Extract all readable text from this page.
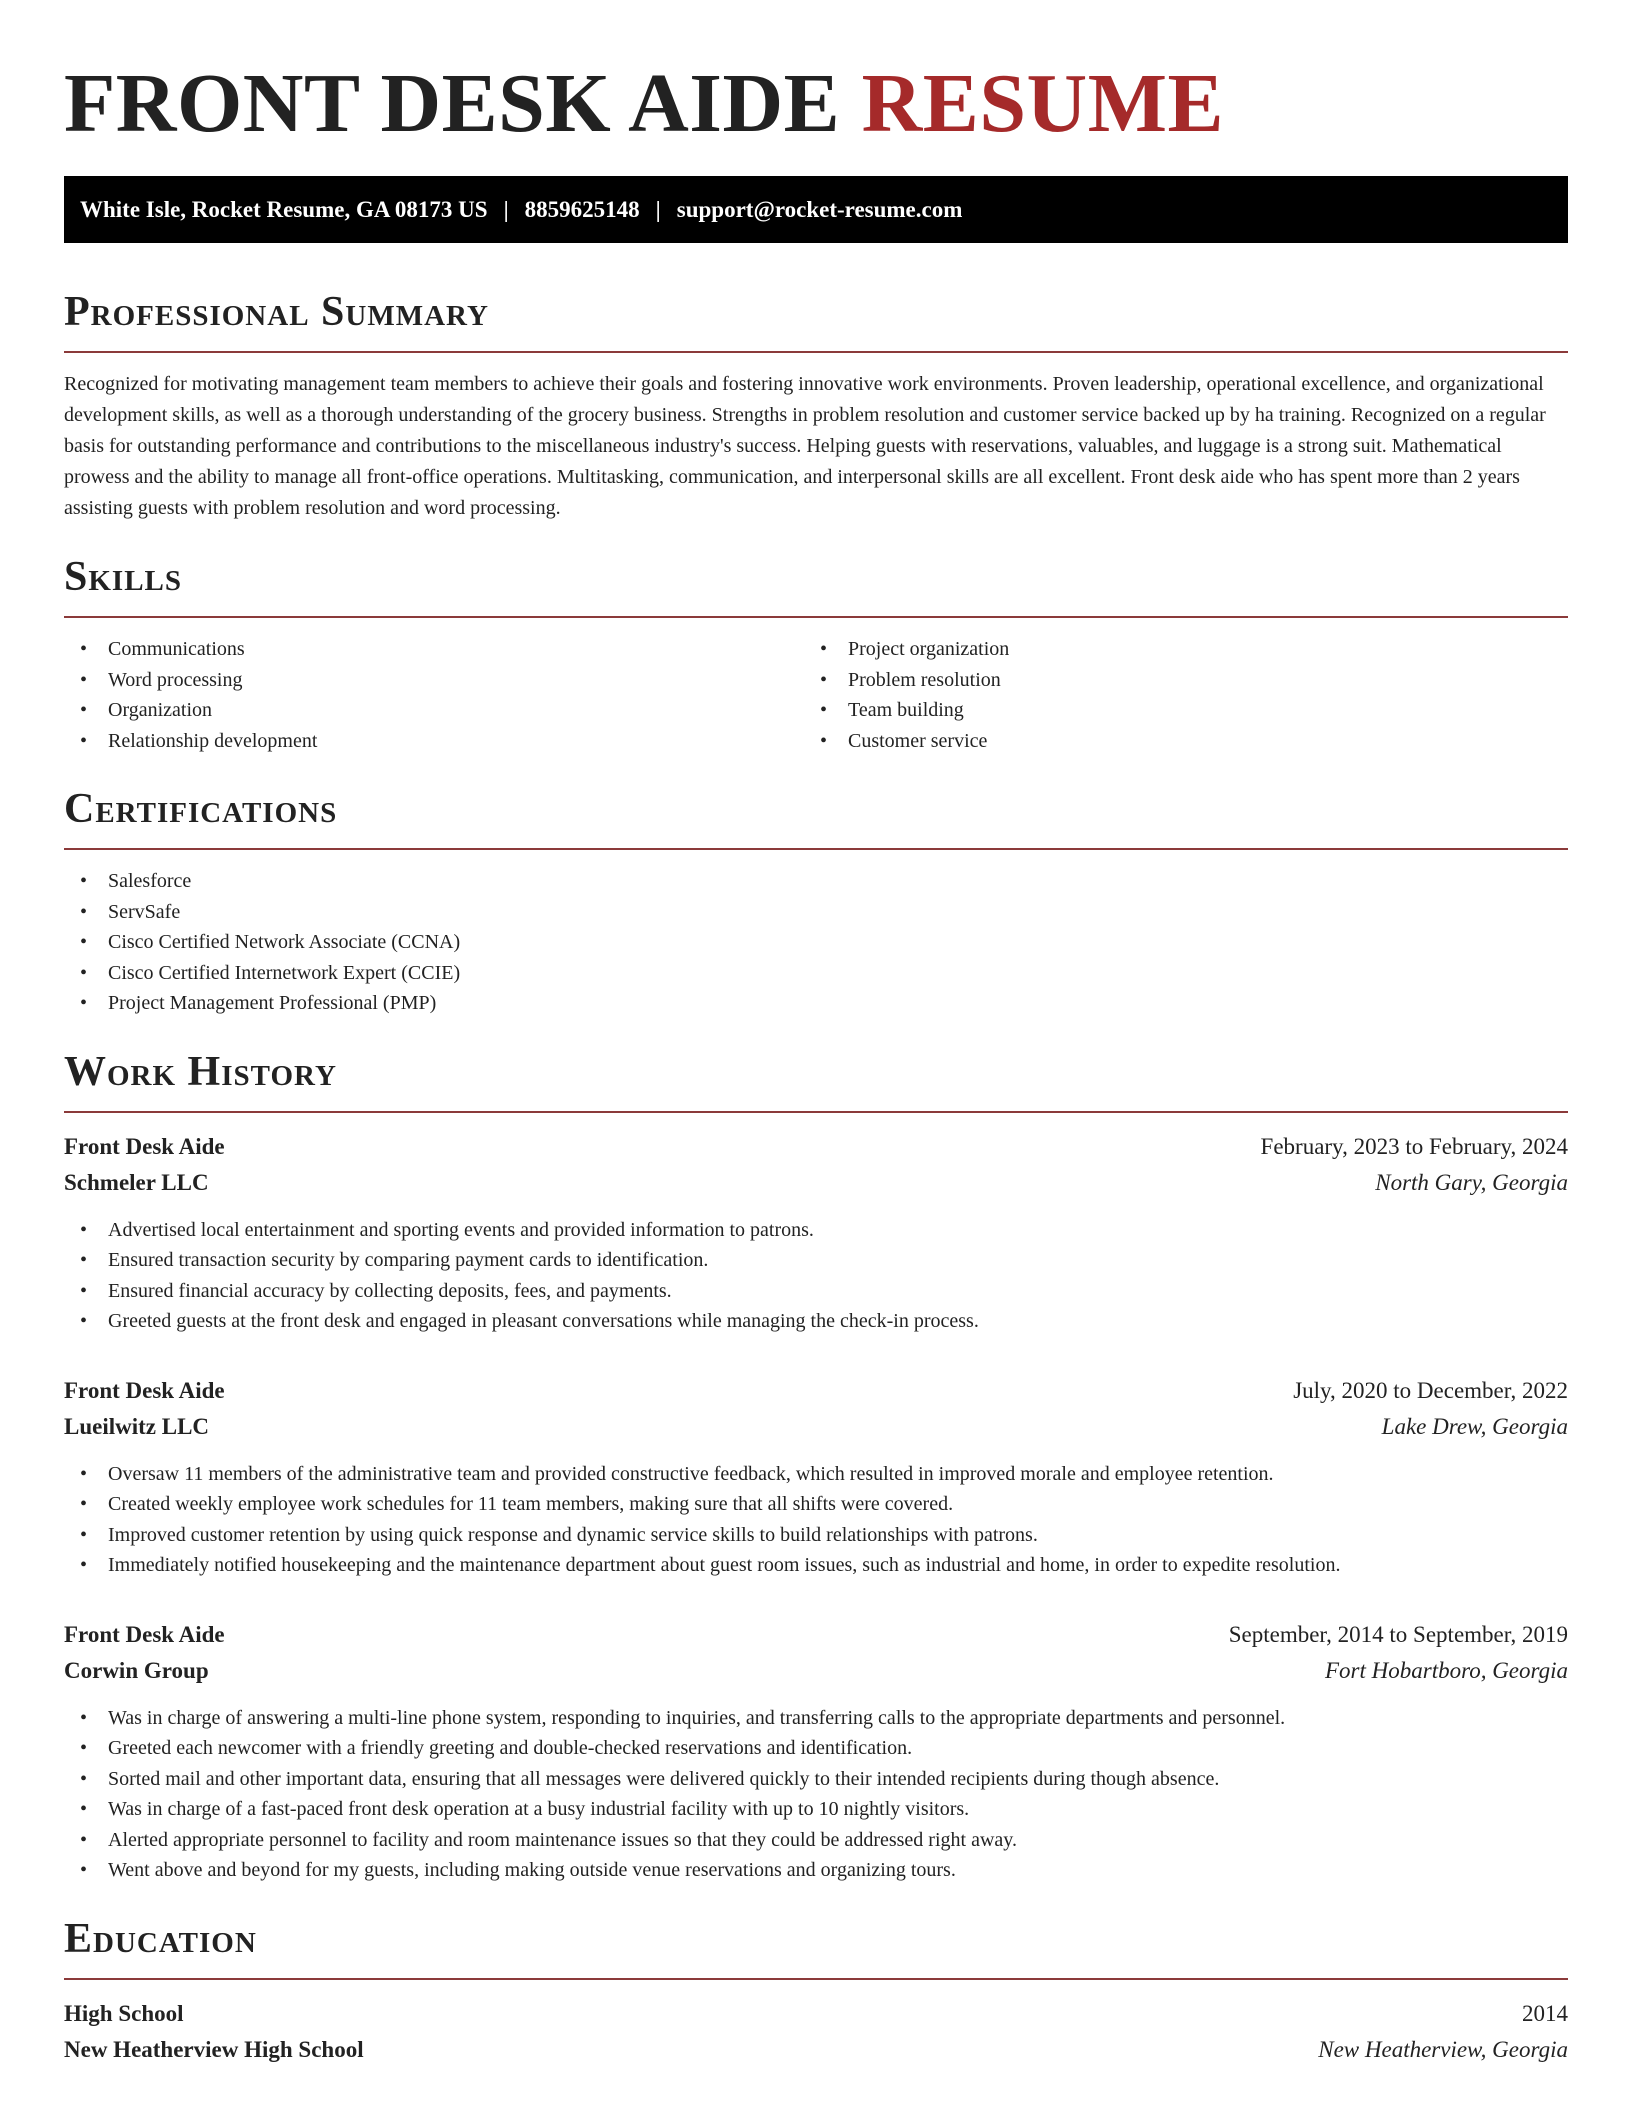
FRONT DESK AIDE RESUME
White Isle, Rocket Resume, GA 08173 US | 8859625148 | support@rocket-resume.com
Professional Summary

Recognized for motivating management team members to achieve their goals and fostering innovative work environments. Proven leadership, operational excellence, and organizational development skills, as well as a thorough understanding of the grocery business. Strengths in problem resolution and customer service backed up by ha training. Recognized on a regular basis for outstanding performance and contributions to the miscellaneous industry's success. Helping guests with reservations, valuables, and luggage is a strong suit. Mathematical prowess and the ability to manage all front-office operations. Multitasking, communication, and interpersonal skills are all excellent. Front desk aide who has spent more than 2 years assisting guests with problem resolution and word processing.

Skills
• Communications
• Word processing
• Organization
• Relationship development
• Project organization
• Problem resolution
• Team building
• Customer service
Certifications
• Salesforce
• ServSafe
• Cisco Certified Network Associate (CCNA)
• Cisco Certified Internetwork Expert (CCIE)
• Project Management Professional (PMP)
Work History
Front Desk Aide	February, 2023 to February, 2024
Schmeler LLC	North Gary, Georgia
• Advertised local entertainment and sporting events and provided information to patrons.
• Ensured transaction security by comparing payment cards to identification.
• Ensured financial accuracy by collecting deposits, fees, and payments.
• Greeted guests at the front desk and engaged in pleasant conversations while managing the check-in process.
Front Desk Aide	July, 2020 to December, 2022
Lueilwitz LLC	Lake Drew, Georgia
• Oversaw 11 members of the administrative team and provided constructive feedback, which resulted in improved morale and employee retention.
• Created weekly employee work schedules for 11 team members, making sure that all shifts were covered.
• Improved customer retention by using quick response and dynamic service skills to build relationships with patrons.
• Immediately notified housekeeping and the maintenance department about guest room issues, such as industrial and home, in order to expedite resolution.
Front Desk Aide	September, 2014 to September, 2019
Corwin Group	Fort Hobartboro, Georgia
• Was in charge of answering a multi-line phone system, responding to inquiries, and transferring calls to the appropriate departments and personnel.
• Greeted each newcomer with a friendly greeting and double-checked reservations and identification.
• Sorted mail and other important data, ensuring that all messages were delivered quickly to their intended recipients during though absence.
• Was in charge of a fast-paced front desk operation at a busy industrial facility with up to 10 nightly visitors.
• Alerted appropriate personnel to facility and room maintenance issues so that they could be addressed right away.
• Went above and beyond for my guests, including making outside venue reservations and organizing tours.
Education
High School	2014
New Heatherview High School	New Heatherview, Georgia
